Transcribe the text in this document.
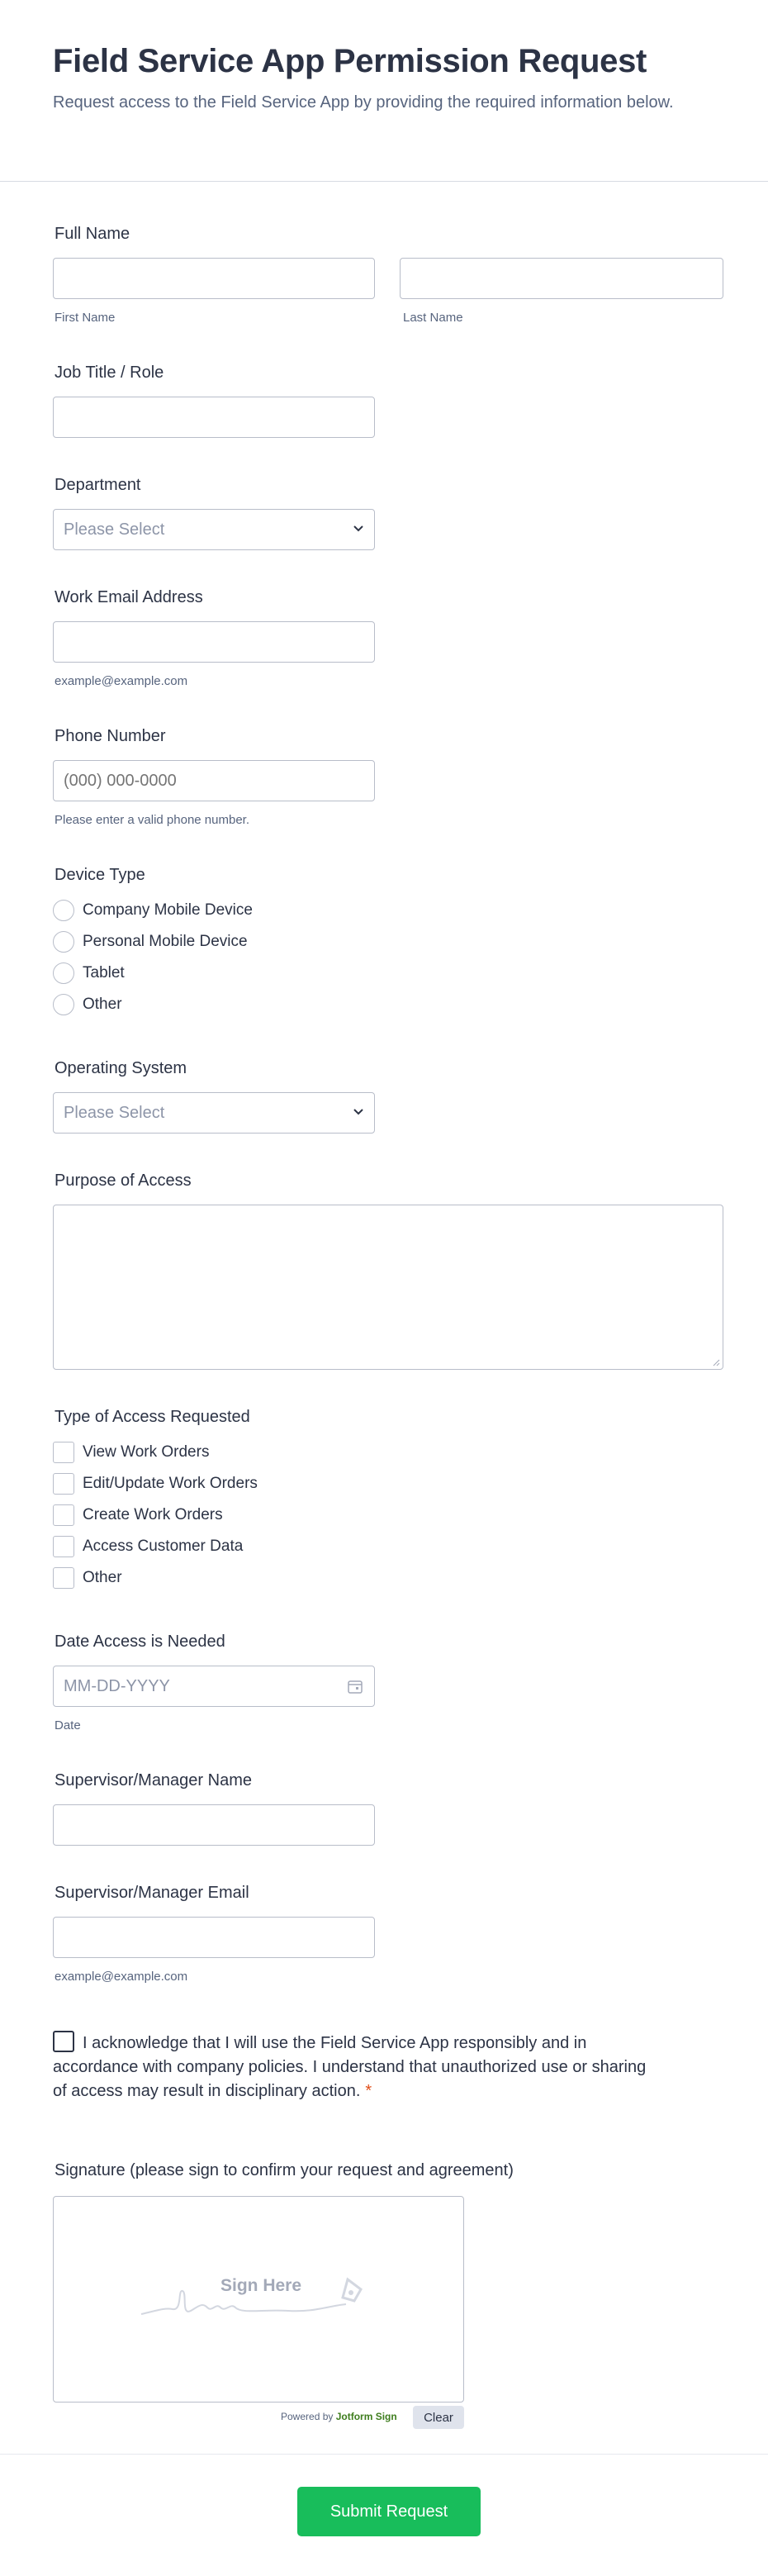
Field Service App Permission Request

Request access to the Field Service App by providing the required information below.

Full Name
First Name	Last Name
Job Title / Role
Department
Please Select
Work Email Address
example@example.com
Phone Number
(000) 000-0000
Please enter a valid phone number.
Device Type
Company Mobile Device
Personal Mobile Device
Tablet
Other
Operating System
Please Select
Purpose of Access
Type of Access Requested
View Work Orders
Edit/Update Work Orders
Create Work Orders
Access Customer Data
Other
Date Access is Needed
MM-DD-YYYY
Date
Supervisor/Manager Name
Supervisor/Manager Email
example@example.com
I acknowledge that I will use the Field Service App responsibly and in accordance with company policies. I understand that unauthorized use or sharing of access may result in disciplinary action. *
Signature (please sign to confirm your request and agreement)
Sign Here
Powered by Jotform Sign	Clear
Submit Request
